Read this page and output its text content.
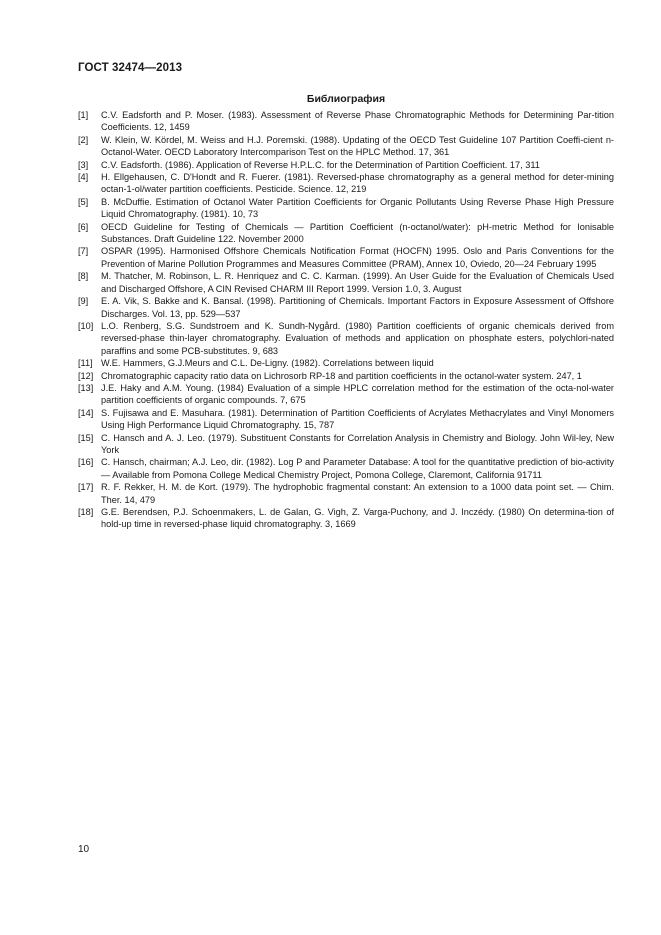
ГОСТ 32474—2013
Библиография
[1]	C.V. Eadsforth and P. Moser. (1983). Assessment of Reverse Phase Chromatographic Methods for Determining Par-tition Coefficients. 12, 1459
[2]	W. Klein, W. Kördel, M. Weiss and H.J. Poremski. (1988). Updating of the OECD Test Guideline 107 Partition Coeffi-cient n-Octanol-Water. OECD Laboratory Intercomparison Test on the HPLC Method. 17, 361
[3]	C.V. Eadsforth. (1986). Application of Reverse H.P.L.C. for the Determination of Partition Coefficient. 17, 311
[4]	H. Ellgehausen, C. D'Hondt and R. Fuerer. (1981). Reversed-phase chromatography as a general method for deter-mining octan-1-ol/water partition coefficients. Pesticide. Science. 12, 219
[5]	B. McDuffie. Estimation of Octanol Water Partition Coefficients for Organic Pollutants Using Reverse Phase High Pressure Liquid Chromatography. (1981). 10, 73
[6]	OECD Guideline for Testing of Chemicals — Partition Coefficient (n-octanol/water): pH-metric Method for Ionisable Substances. Draft Guideline 122. November 2000
[7]	OSPAR (1995). Harmonised Offshore Chemicals Notification Format (HOCFN) 1995. Oslo and Paris Conventions for the Prevention of Marine Pollution Programmes and Measures Committee (PRAM), Annex 10, Oviedo, 20—24 February 1995
[8]	M. Thatcher, M. Robinson, L. R. Henriquez and C. C. Karman. (1999). An User Guide for the Evaluation of Chemicals Used and Discharged Offshore, A CIN Revised CHARM III Report 1999. Version 1.0, 3. August
[9]	E. A. Vik, S. Bakke and K. Bansal. (1998). Partitioning of Chemicals. Important Factors in Exposure Assessment of Offshore Discharges. Vol. 13, pp. 529—537
[10] L.O. Renberg, S.G. Sundstroem and K. Sundh-Nygård. (1980) Partition coefficients of organic chemicals derived from reversed-phase thin-layer chromatography. Evaluation of methods and application on phosphate esters, polychlori-nated paraffins and some PCB-substitutes. 9, 683
[11] W.E. Hammers, G.J.Meurs and C.L. De-Ligny. (1982). Correlations between liquid
[12] Chromatographic capacity ratio data on Lichrosorb RP-18 and partition coefficients in the octanol-water system. 247, 1
[13] J.E. Haky and A.M. Young. (1984) Evaluation of a simple HPLC correlation method for the estimation of the octa-nol-water partition coefficients of organic compounds. 7, 675
[14] S. Fujisawa and E. Masuhara. (1981). Determination of Partition Coefficients of Acrylates Methacrylates and Vinyl Monomers Using High Performance Liquid Chromatography. 15, 787
[15] C. Hansch and A. J. Leo. (1979). Substituent Constants for Correlation Analysis in Chemistry and Biology. John Wil-ley, New York
[16] C. Hansch, chairman; A.J. Leo, dir. (1982). Log P and Parameter Database: A tool for the quantitative prediction of bio-activity — Available from Pomona College Medical Chemistry Project, Pomona College, Claremont, California 91711
[17] R. F. Rekker, H. M. de Kort. (1979). The hydrophobic fragmental constant: An extension to a 1000 data point set. — Chim. Ther. 14, 479
[18] G.E. Berendsen, P.J. Schoenmakers, L. de Galan, G. Vigh, Z. Varga-Puchony, and J. Inczédy. (1980) On determina-tion of hold-up time in reversed-phase liquid chromatography. 3, 1669
10
